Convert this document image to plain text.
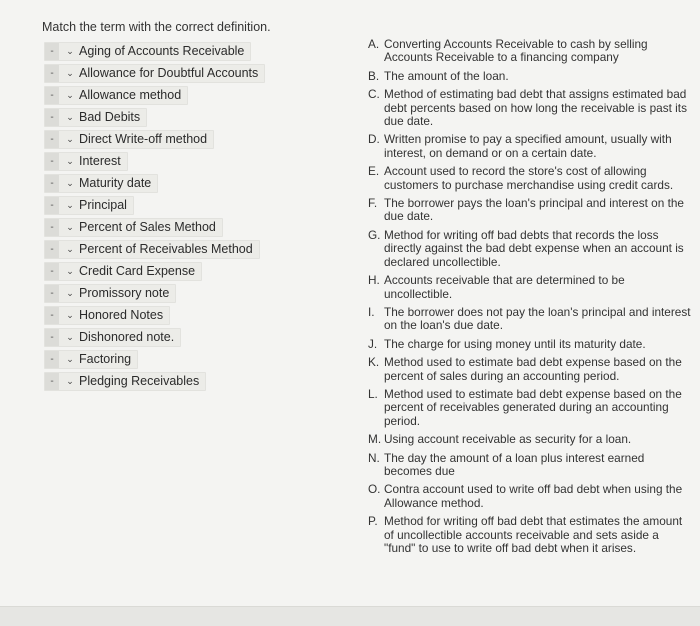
Match the term with the correct definition.
-	⌄ Aging of Accounts Receivable
-	⌄ Allowance for Doubtful Accounts
-	⌄ Allowance method
-	⌄ Bad Debits
-	⌄ Direct Write-off method
-	⌄ Interest
-	⌄ Maturity date
-	⌄ Principal
-	⌄ Percent of Sales Method
-	⌄ Percent of Receivables Method
-	⌄ Credit Card Expense
-	⌄ Promissory note
-	⌄ Honored Notes
-	⌄ Dishonored note.
-	⌄ Factoring
-	⌄ Pledging Receivables
A. Converting Accounts Receivable to cash by selling Accounts Receivable to a financing company
B. The amount of the loan.
C. Method of estimating bad debt that assigns estimated bad debt percents based on how long the receivable is past its due date.
D. Written promise to pay a specified amount, usually with interest, on demand or on a certain date.
E. Account used to record the store's cost of allowing customers to purchase merchandise using credit cards.
F. The borrower pays the loan's principal and interest on the due date.
G. Method for writing off bad debts that records the loss directly against the bad debt expense when an account is declared uncollectible.
H. Accounts receivable that are determined to be uncollectible.
I. The borrower does not pay the loan's principal and interest on the loan's due date.
J. The charge for using money until its maturity date.
K. Method used to estimate bad debt expense based on the percent of sales during an accounting period.
L. Method used to estimate bad debt expense based on the percent of receivables generated during an accounting period.
M. Using account receivable as security for a loan.
N. The day the amount of a loan plus interest earned becomes due
O. Contra account used to write off bad debt when using the Allowance method.
P. Method for writing off bad debt that estimates the amount of uncollectible accounts receivable and sets aside a "fund" to use to write off bad debt when it arises.
